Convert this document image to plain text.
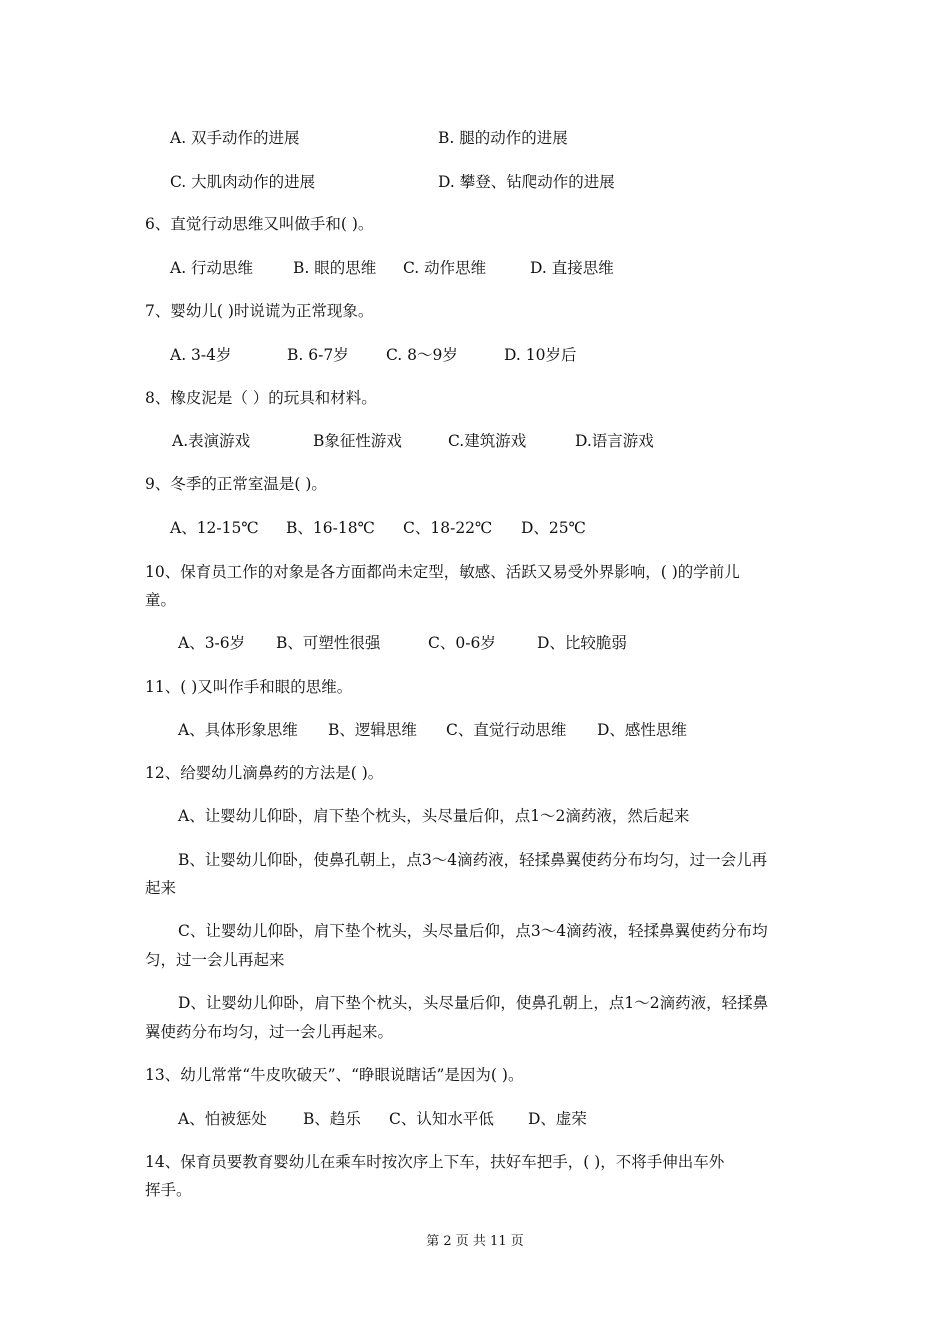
A. 双手动作的进展	B. 腿的动作的进展
C. 大肌肉动作的进展	D. 攀登、钻爬动作的进展
6、直觉行动思维又叫做手和( )。
A. 行动思维	B. 眼的思维 C. 动作思维	D. 直接思维
7、婴幼儿( )时说谎为正常现象。
A. 3-4岁	B. 6-7岁 C. 8～9岁	D. 10岁后
8、橡皮泥是（ ）的玩具和材料。
A.表演游戏	B象征性游戏	C.建筑游戏	D.语言游戏
9、冬季的正常室温是( )。
A、12-15℃ B、16-18℃ C、18-22℃ D、25℃
10、保育员工作的对象是各方面都尚未定型，敏感、活跃又易受外界影响，( )的学前儿
童。
A、3-6岁 B、可塑性很强	C、0-6岁	D、比较脆弱
11、( )又叫作手和眼的思维。
A、具体形象思维 B、逻辑思维 C、直觉行动思维 D、感性思维
12、给婴幼儿滴鼻药的方法是( )。
A、让婴幼儿仰卧，肩下垫个枕头，头尽量后仰，点1～2滴药液，然后起来
B、让婴幼儿仰卧，使鼻孔朝上，点3～4滴药液，轻揉鼻翼使药分布均匀，过一会儿再
起来
C、让婴幼儿仰卧，肩下垫个枕头，头尽量后仰，点3～4滴药液，轻揉鼻翼使药分布均
匀，过一会儿再起来
D、让婴幼儿仰卧，肩下垫个枕头，头尽量后仰，使鼻孔朝上，点1～2滴药液，轻揉鼻
翼使药分布均匀，过一会儿再起来。
13、幼儿常常“牛皮吹破天”、“睁眼说瞎话”是因为( )。
A、怕被惩处 B、趋乐 C、认知水平低 D、虚荣
14、保育员要教育婴幼儿在乘车时按次序上下车，扶好车把手，( )，不将手伸出车外
挥手。
第 2 页 共 11 页
